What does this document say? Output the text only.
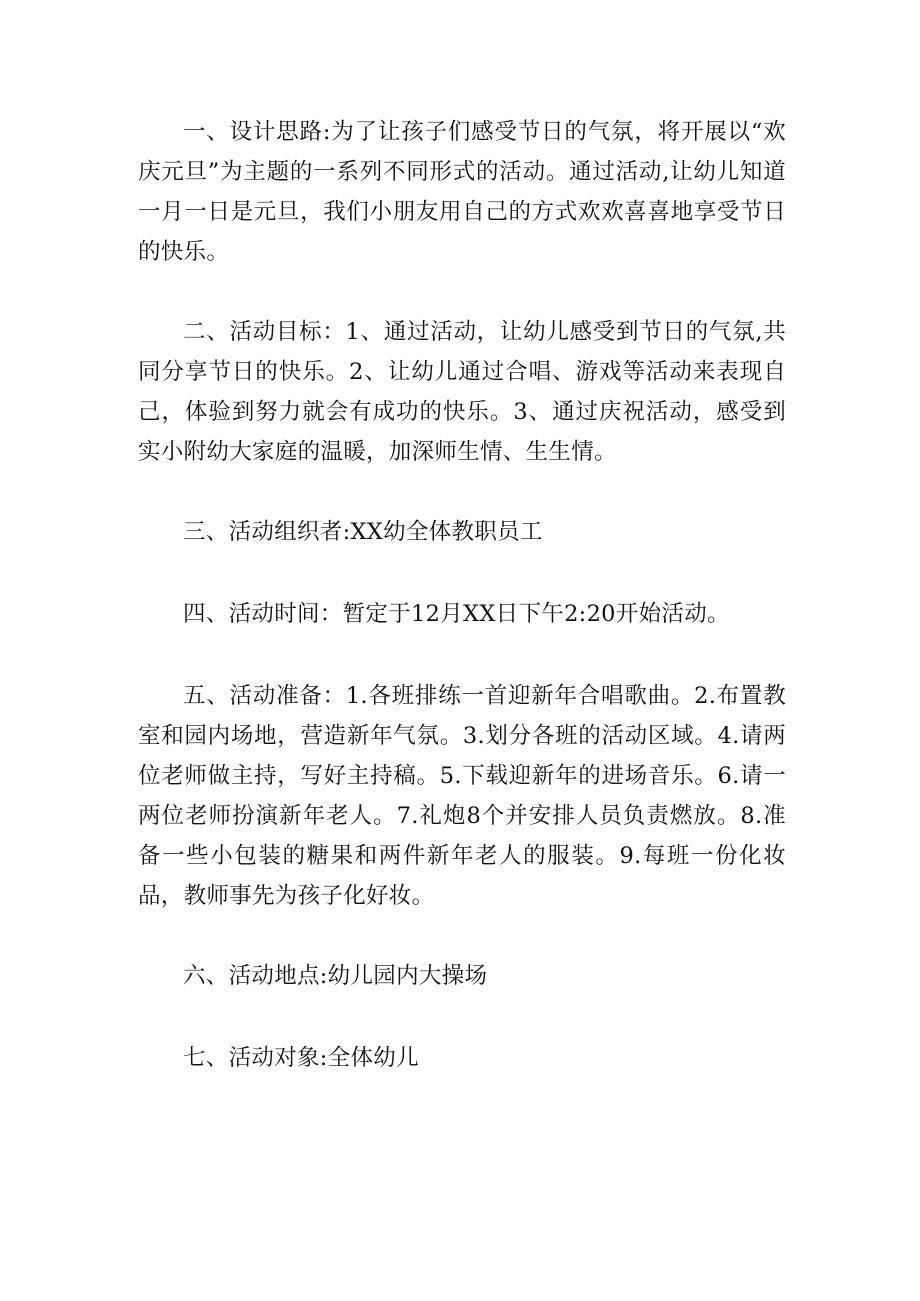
一、设计思路:为了让孩子们感受节日的气氛，将开展以“欢庆元旦”为主题的一系列不同形式的活动。通过活动,让幼儿知道一月一日是元旦，我们小朋友用自己的方式欢欢喜喜地享受节日的快乐。

二、活动目标：1、通过活动，让幼儿感受到节日的气氛,共同分享节日的快乐。2、让幼儿通过合唱、游戏等活动来表现自己，体验到努力就会有成功的快乐。3、通过庆祝活动，感受到实小附幼大家庭的温暖，加深师生情、生生情。

三、活动组织者:XX幼全体教职员工

四、活动时间：暂定于12月XX日下午2:20开始活动。

五、活动准备：1.各班排练一首迎新年合唱歌曲。2.布置教室和园内场地，营造新年气氛。3.划分各班的活动区域。4.请两位老师做主持，写好主持稿。5.下载迎新年的进场音乐。6.请一两位老师扮演新年老人。7.礼炮8个并安排人员负责燃放。8.准备一些小包装的糖果和两件新年老人的服装。9.每班一份化妆品，教师事先为孩子化好妆。

六、活动地点:幼儿园内大操场

七、活动对象:全体幼儿
